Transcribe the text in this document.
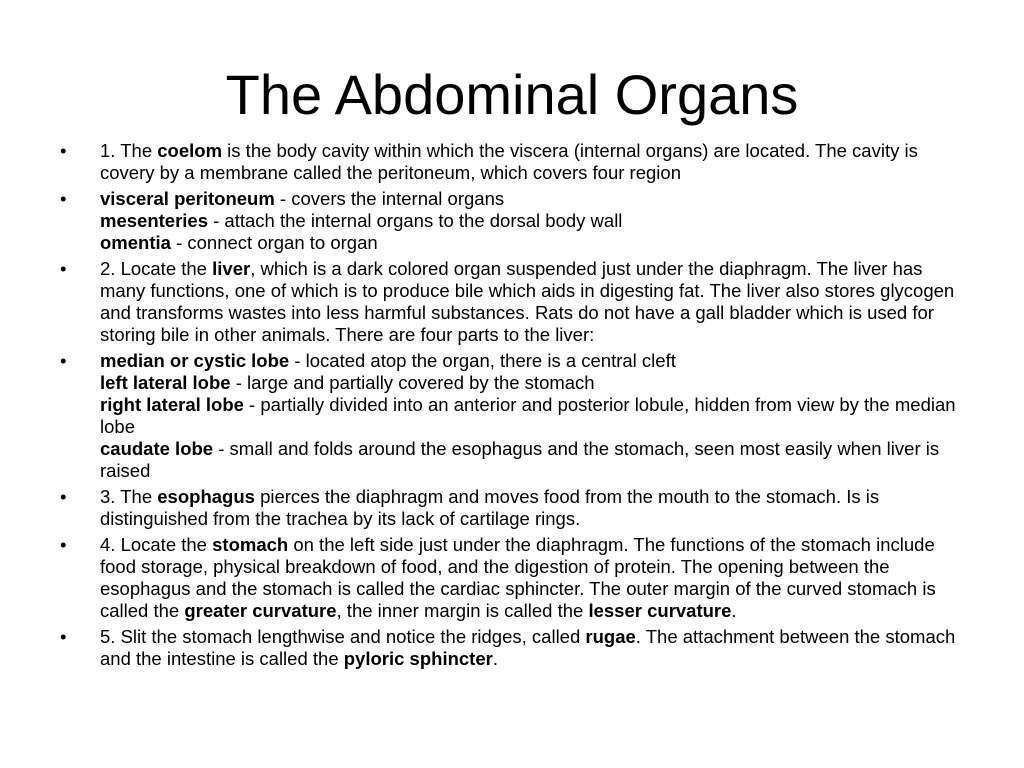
The Abdominal Organs
•	1. The coelom is the body cavity within which the viscera (internal organs) are located. The cavity is covery by a membrane called the peritoneum, which covers four region
•	visceral peritoneum - covers the internal organs
mesenteries - attach the internal organs to the dorsal body wall
omentia - connect organ to organ
•	2. Locate the liver, which is a dark colored organ suspended just under the diaphragm. The liver has many functions, one of which is to produce bile which aids in digesting fat. The liver also stores glycogen and transforms wastes into less harmful substances. Rats do not have a gall bladder which is used for storing bile in other animals. There are four parts to the liver:
•	median or cystic lobe - located atop the organ, there is a central cleft
left lateral lobe - large and partially covered by the stomach
right lateral lobe - partially divided into an anterior and posterior lobule, hidden from view by the median lobe
caudate lobe - small and folds around the esophagus and the stomach, seen most easily when liver is raised
•	3. The esophagus pierces the diaphragm and moves food from the mouth to the stomach. Is is distinguished from the trachea by its lack of cartilage rings.
•	4. Locate the stomach on the left side just under the diaphragm. The functions of the stomach include food storage, physical breakdown of food, and the digestion of protein. The opening between the esophagus and the stomach is called the cardiac sphincter. The outer margin of the curved stomach is called the greater curvature, the inner margin is called the lesser curvature.
•	5. Slit the stomach lengthwise and notice the ridges, called rugae. The attachment between the stomach and the intestine is called the pyloric sphincter.
